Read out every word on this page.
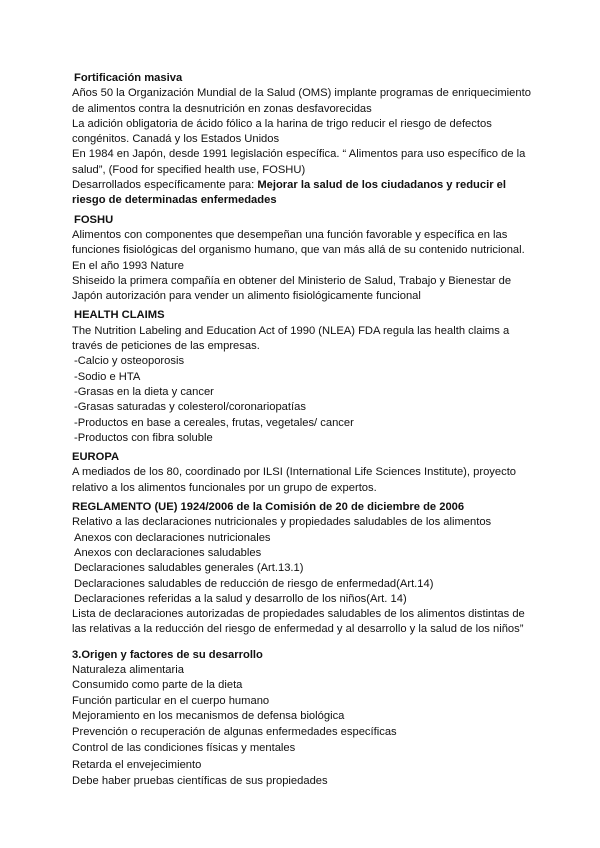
Fortificación masiva

Años 50 la Organización Mundial de la Salud (OMS) implante programas de enriquecimiento de alimentos contra la desnutrición en zonas desfavorecidas

La adición obligatoria de ácido fólico a la harina de trigo reducir el riesgo de defectos congénitos. Canadá y los Estados Unidos

En 1984 en Japón, desde 1991 legislación específica. “ Alimentos para uso específico de la salud”, (Food for specified health use, FOSHU)

Desarrollados específicamente para: Mejorar la salud de los ciudadanos y reducir el riesgo de determinadas enfermedades

FOSHU

Alimentos con componentes que desempeñan una función favorable y específica en las funciones fisiológicas del organismo humano, que van más allá de su contenido nutricional.

En el año 1993 Nature

Shiseido la primera compañía en obtener del Ministerio de Salud, Trabajo y Bienestar de Japón autorización para vender un alimento fisiológicamente funcional

HEALTH CLAIMS

The Nutrition Labeling and Education Act of 1990 (NLEA) FDA regula las health claims a través de peticiones de las empresas.

-Calcio y osteoporosis

-Sodio e HTA

-Grasas en la dieta y cancer

-Grasas saturadas y colesterol/coronariopatías

-Productos en base a cereales, frutas, vegetales/ cancer

-Productos con fibra soluble

EUROPA

A mediados de los 80, coordinado por ILSI (International Life Sciences Institute), proyecto relativo a los alimentos funcionales por un grupo de expertos.

REGLAMENTO (UE) 1924/2006 de la Comisión de 20 de diciembre de 2006

Relativo a las declaraciones nutricionales y propiedades saludables de los alimentos

Anexos con declaraciones nutricionales

Anexos con declaraciones saludables

Declaraciones saludables generales (Art.13.1)

Declaraciones saludables de reducción de riesgo de enfermedad(Art.14)

Declaraciones referidas a la salud y desarrollo de los niños(Art. 14)

Lista de declaraciones autorizadas de propiedades saludables de los alimentos distintas de las relativas a la reducción del riesgo de enfermedad y al desarrollo y la salud de los niños”

3.Origen y factores de su desarrollo

Naturaleza alimentaria

Consumido como parte de la dieta

Función particular en el cuerpo humano

Mejoramiento en los mecanismos de defensa biológica

Prevención o recuperación de algunas enfermedades específicas

Control de las condiciones físicas y mentales

Retarda el envejecimiento

Debe haber pruebas científicas de sus propiedades
